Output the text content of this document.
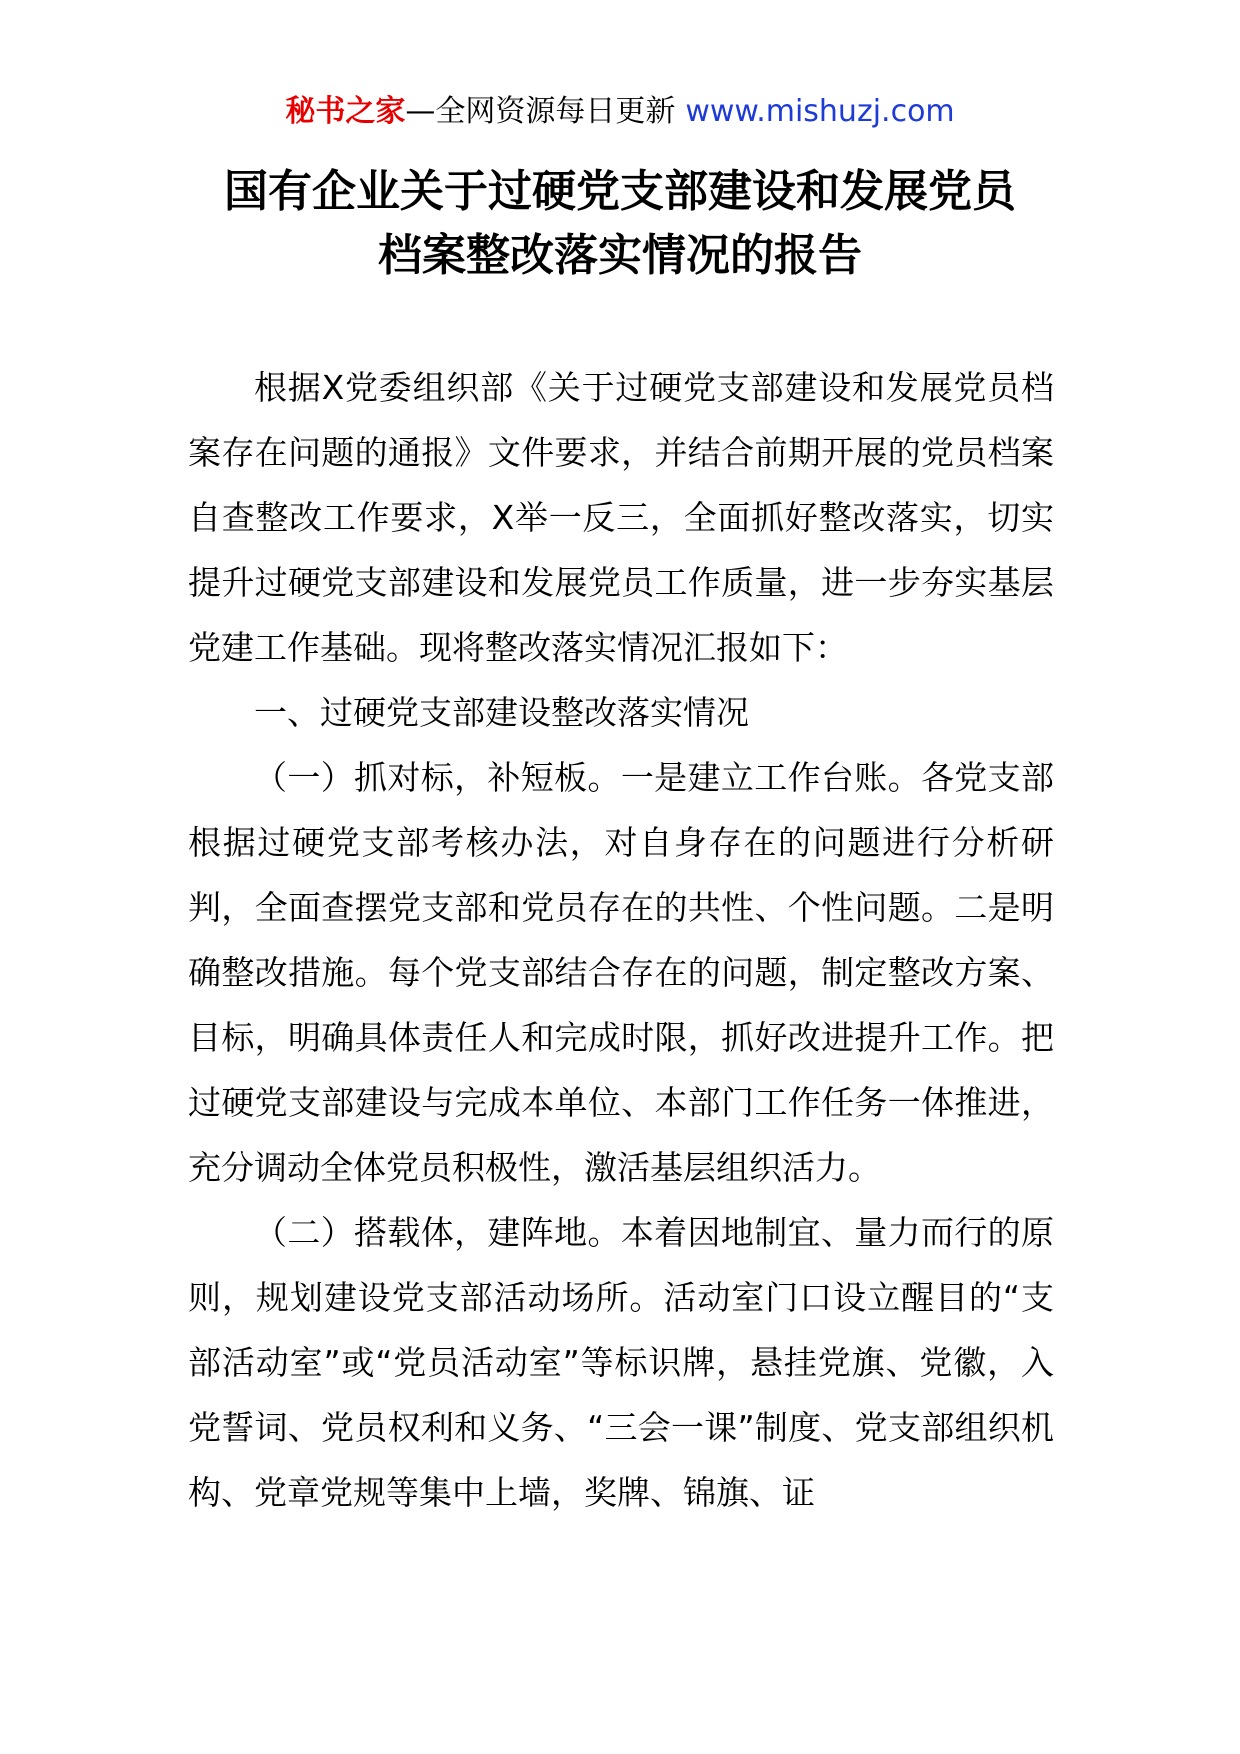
秘书之家—全网资源每日更新 www.mishuzj.com
国有企业关于过硬党支部建设和发展党员
档案整改落实情况的报告

根据X党委组织部《关于过硬党支部建设和发展党员档案存在问题的通报》文件要求，并结合前期开展的党员档案自查整改工作要求，X举一反三，全面抓好整改落实，切实提升过硬党支部建设和发展党员工作质量，进一步夯实基层党建工作基础。现将整改落实情况汇报如下：

一、过硬党支部建设整改落实情况

（一）抓对标，补短板。一是建立工作台账。各党支部根据过硬党支部考核办法，对自身存在的问题进行分析研判，全面查摆党支部和党员存在的共性、个性问题。二是明确整改措施。每个党支部结合存在的问题，制定整改方案、目标，明确具体责任人和完成时限，抓好改进提升工作。把过硬党支部建设与完成本单位、本部门工作任务一体推进，充分调动全体党员积极性，激活基层组织活力。

（二）搭载体，建阵地。本着因地制宜、量力而行的原则，规划建设党支部活动场所。活动室门口设立醒目的“支部活动室”或“党员活动室”等标识牌，悬挂党旗、党徽，入党誓词、党员权利和义务、“三会一课”制度、党支部组织机构、党章党规等集中上墙，奖牌、锦旗、证
